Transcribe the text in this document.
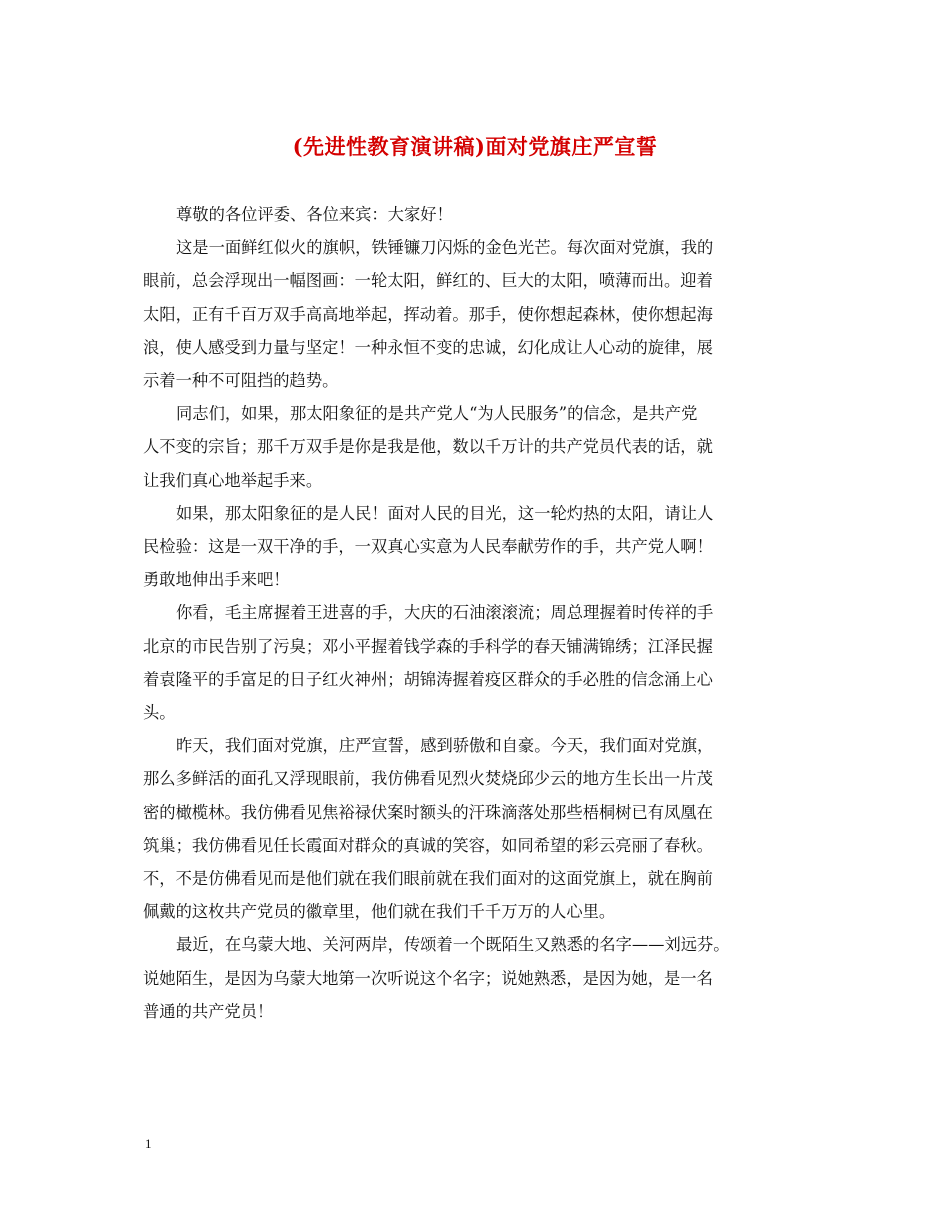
(先进性教育演讲稿)面对党旗庄严宣誓
尊敬的各位评委、各位来宾：大家好！
这是一面鲜红似火的旗帜，铁锤镰刀闪烁的金色光芒。每次面对党旗，我的
眼前，总会浮现出一幅图画：一轮太阳，鲜红的、巨大的太阳，喷薄而出。迎着
太阳，正有千百万双手高高地举起，挥动着。那手，使你想起森林，使你想起海
浪，使人感受到力量与坚定！一种永恒不变的忠诚，幻化成让人心动的旋律，展
示着一种不可阻挡的趋势。
同志们，如果，那太阳象征的是共产党人“为人民服务”的信念，是共产党
人不变的宗旨；那千万双手是你是我是他，数以千万计的共产党员代表的话，就
让我们真心地举起手来。
如果，那太阳象征的是人民！面对人民的目光，这一轮灼热的太阳，请让人
民检验：这是一双干净的手，一双真心实意为人民奉献劳作的手，共产党人啊！
勇敢地伸出手来吧！
你看，毛主席握着王进喜的手，大庆的石油滚滚流；周总理握着时传祥的手
北京的市民告别了污臭；邓小平握着钱学森的手科学的春天铺满锦绣；江泽民握
着袁隆平的手富足的日子红火神州；胡锦涛握着疫区群众的手必胜的信念涌上心
头。
昨天，我们面对党旗，庄严宣誓，感到骄傲和自豪。今天，我们面对党旗，
那么多鲜活的面孔又浮现眼前，我仿佛看见烈火焚烧邱少云的地方生长出一片茂
密的橄榄林。我仿佛看见焦裕禄伏案时额头的汗珠滴落处那些梧桐树已有凤凰在
筑巢；我仿佛看见任长霞面对群众的真诚的笑容，如同希望的彩云亮丽了春秋。
不，不是仿佛看见而是他们就在我们眼前就在我们面对的这面党旗上，就在胸前
佩戴的这枚共产党员的徽章里，他们就在我们千千万万的人心里。
最近，在乌蒙大地、关河两岸，传颂着一个既陌生又熟悉的名字——刘远芬。
说她陌生，是因为乌蒙大地第一次听说这个名字；说她熟悉，是因为她，是一名
普通的共产党员！
1
